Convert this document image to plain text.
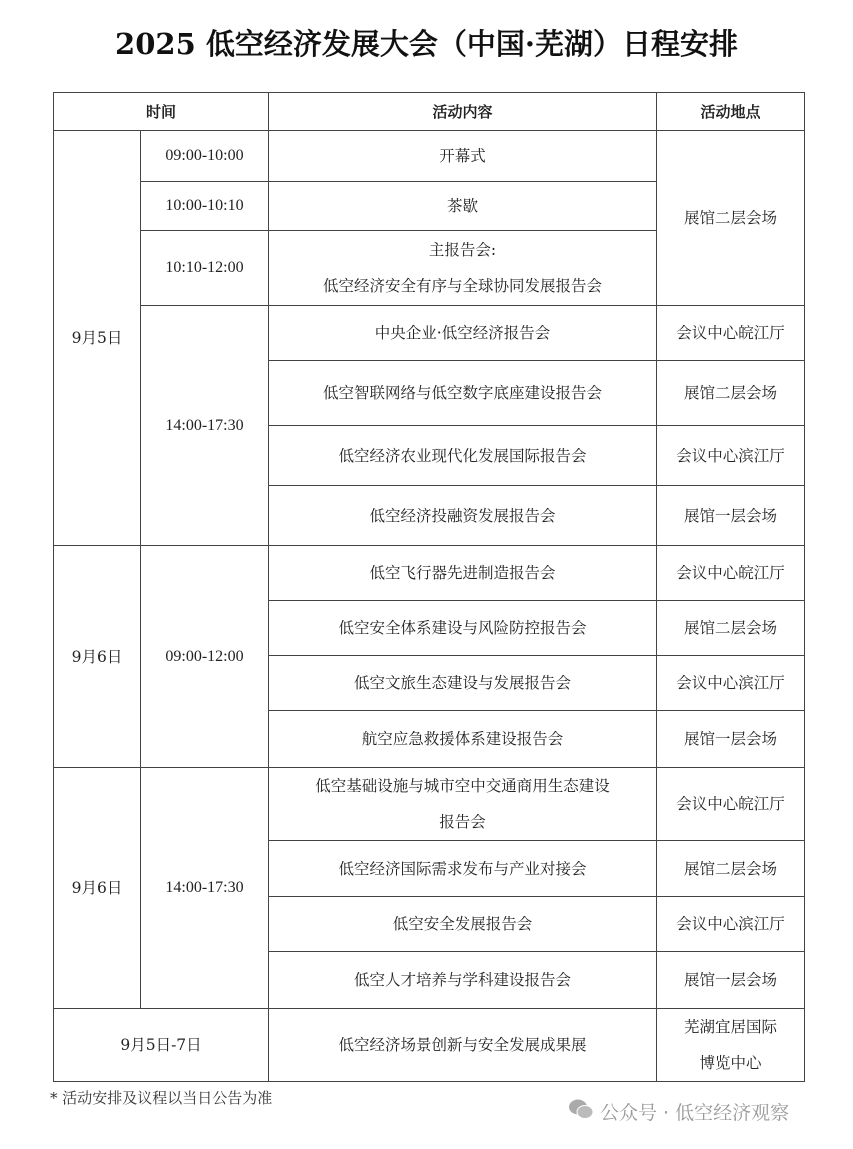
2025 低空经济发展大会（中国·芜湖）日程安排
时间		活动内容	活动地点
9月5日	09:00-10:00	开幕式	展馆二层会场
	10:00-10:10	茶歇	
	10:10-12:00	主报告会:
低空经济安全有序与全球协同发展报告会	

	14:00-17:30	中央企业·低空经济报告会	会议中心皖江厅
		低空智联网络与低空数字底座建设报告会	展馆二层会场
		低空经济农业现代化发展国际报告会	会议中心滨江厅
		低空经济投融资发展报告会	展馆一层会场
9月6日	09:00-12:00	低空飞行器先进制造报告会	会议中心皖江厅
		低空安全体系建设与风险防控报告会	展馆二层会场
		低空文旅生态建设与发展报告会	会议中心滨江厅
		航空应急救援体系建设报告会	展馆一层会场
9月6日	14:00-17:30	低空基础设施与城市空中交通商用生态建设
报告会	会议中心皖江厅
		低空经济国际需求发布与产业对接会	展馆二层会场
		低空安全发展报告会	会议中心滨江厅
		低空人才培养与学科建设报告会	展馆一层会场
9月5日-7日		低空经济场景创新与安全发展成果展	芜湖宜居国际
博览中心
* 活动安排及议程以当日公告为准
公众号 · 低空经济观察
